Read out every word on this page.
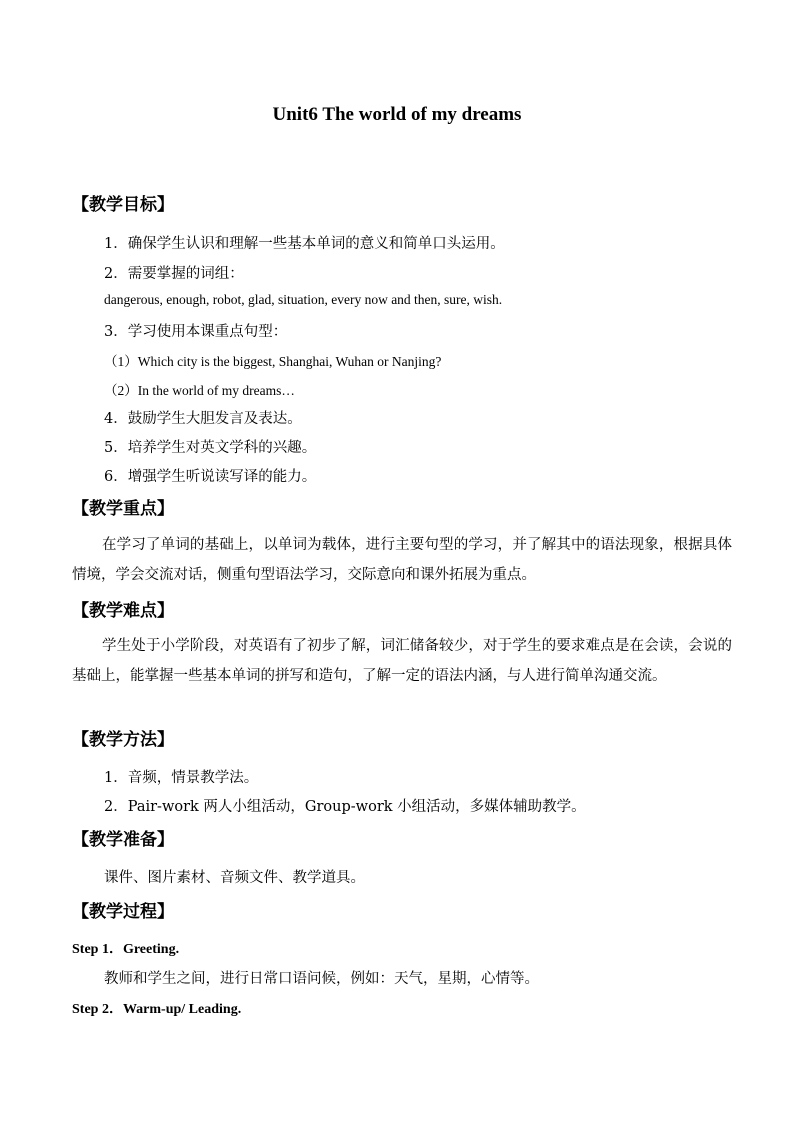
Unit6 The world of my dreams
【教学目标】
1．确保学生认识和理解一些基本单词的意义和简单口头运用。
2．需要掌握的词组：
dangerous, enough, robot, glad, situation, every now and then, sure, wish.
3．学习使用本课重点句型：
（1）Which city is the biggest, Shanghai, Wuhan or Nanjing?
（2）In the world of my dreams…
4．鼓励学生大胆发言及表达。
5．培养学生对英文学科的兴趣。
6．增强学生听说读写译的能力。
【教学重点】
在学习了单词的基础上，以单词为载体，进行主要句型的学习，并了解其中的语法现象，根据具体情境，学会交流对话，侧重句型语法学习，交际意向和课外拓展为重点。
【教学难点】
学生处于小学阶段，对英语有了初步了解，词汇储备较少，对于学生的要求难点是在会读，会说的基础上，能掌握一些基本单词的拼写和造句，了解一定的语法内涵，与人进行简单沟通交流。
【教学方法】
1．音频，情景教学法。
2．Pair-work 两人小组活动，Group-work 小组活动，多媒体辅助教学。
【教学准备】
课件、图片素材、音频文件、教学道具。
【教学过程】
Step 1．Greeting.
教师和学生之间，进行日常口语问候，例如：天气，星期，心情等。
Step 2．Warm-up/ Leading.
